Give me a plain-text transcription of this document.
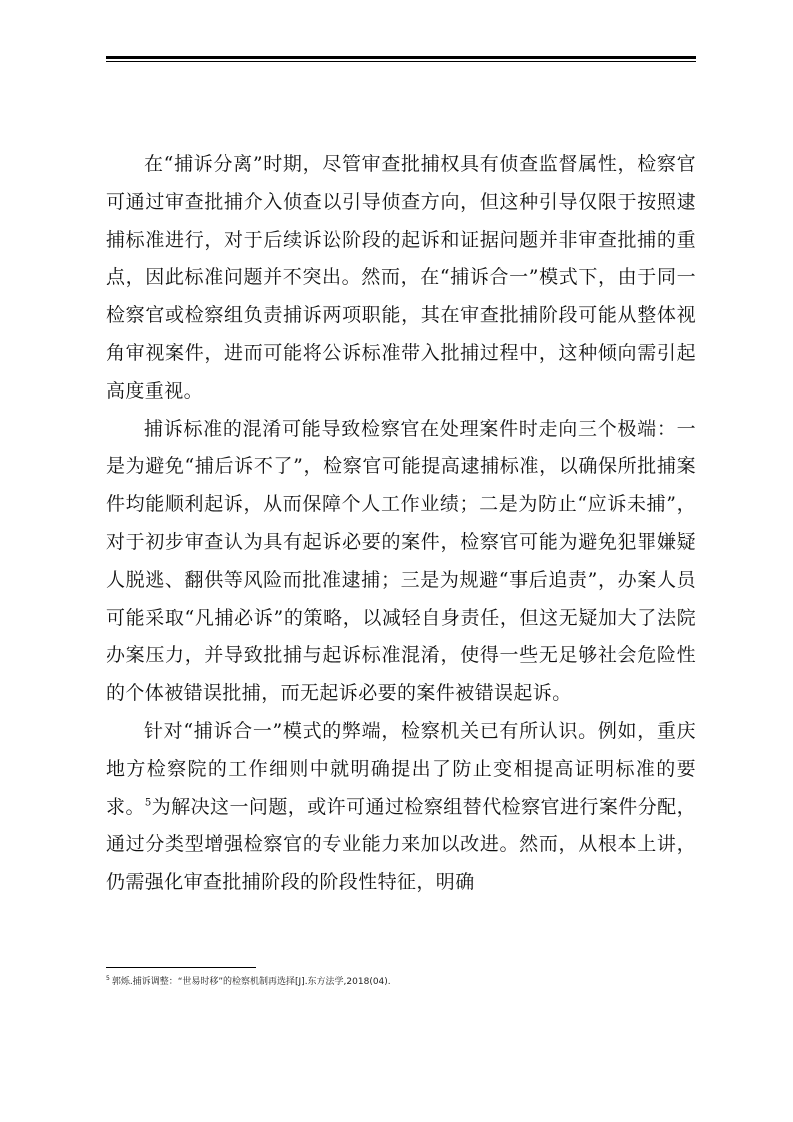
在“捕诉分离”时期，尽管审查批捕权具有侦查监督属性，检察官可通过审查批捕介入侦查以引导侦查方向，但这种引导仅限于按照逮捕标准进行，对于后续诉讼阶段的起诉和证据问题并非审查批捕的重点，因此标准问题并不突出。然而，在“捕诉合一”模式下，由于同一检察官或检察组负责捕诉两项职能，其在审查批捕阶段可能从整体视角审视案件，进而可能将公诉标准带入批捕过程中，这种倾向需引起高度重视。

捕诉标准的混淆可能导致检察官在处理案件时走向三个极端：一是为避免“捕后诉不了”，检察官可能提高逮捕标准，以确保所批捕案件均能顺利起诉，从而保障个人工作业绩；二是为防止“应诉未捕”，对于初步审查认为具有起诉必要的案件，检察官可能为避免犯罪嫌疑人脱逃、翻供等风险而批准逮捕；三是为规避“事后追责”，办案人员可能采取“凡捕必诉”的策略，以减轻自身责任，但这无疑加大了法院办案压力，并导致批捕与起诉标准混淆，使得一些无足够社会危险性的个体被错误批捕，而无起诉必要的案件被错误起诉。

针对“捕诉合一”模式的弊端，检察机关已有所认识。例如，重庆地方检察院的工作细则中就明确提出了防止变相提高证明标准的要求。$^5$为解决这一问题，或许可通过检察组替代检察官进行案件分配，通过分类型增强检察官的专业能力来加以改进。然而，从根本上讲，仍需强化审查批捕阶段的阶段性特征，明确

$^5$ 郭烁.捕诉调整：“世易时移”的检察机制再选择[J].东方法学,2018(04).
